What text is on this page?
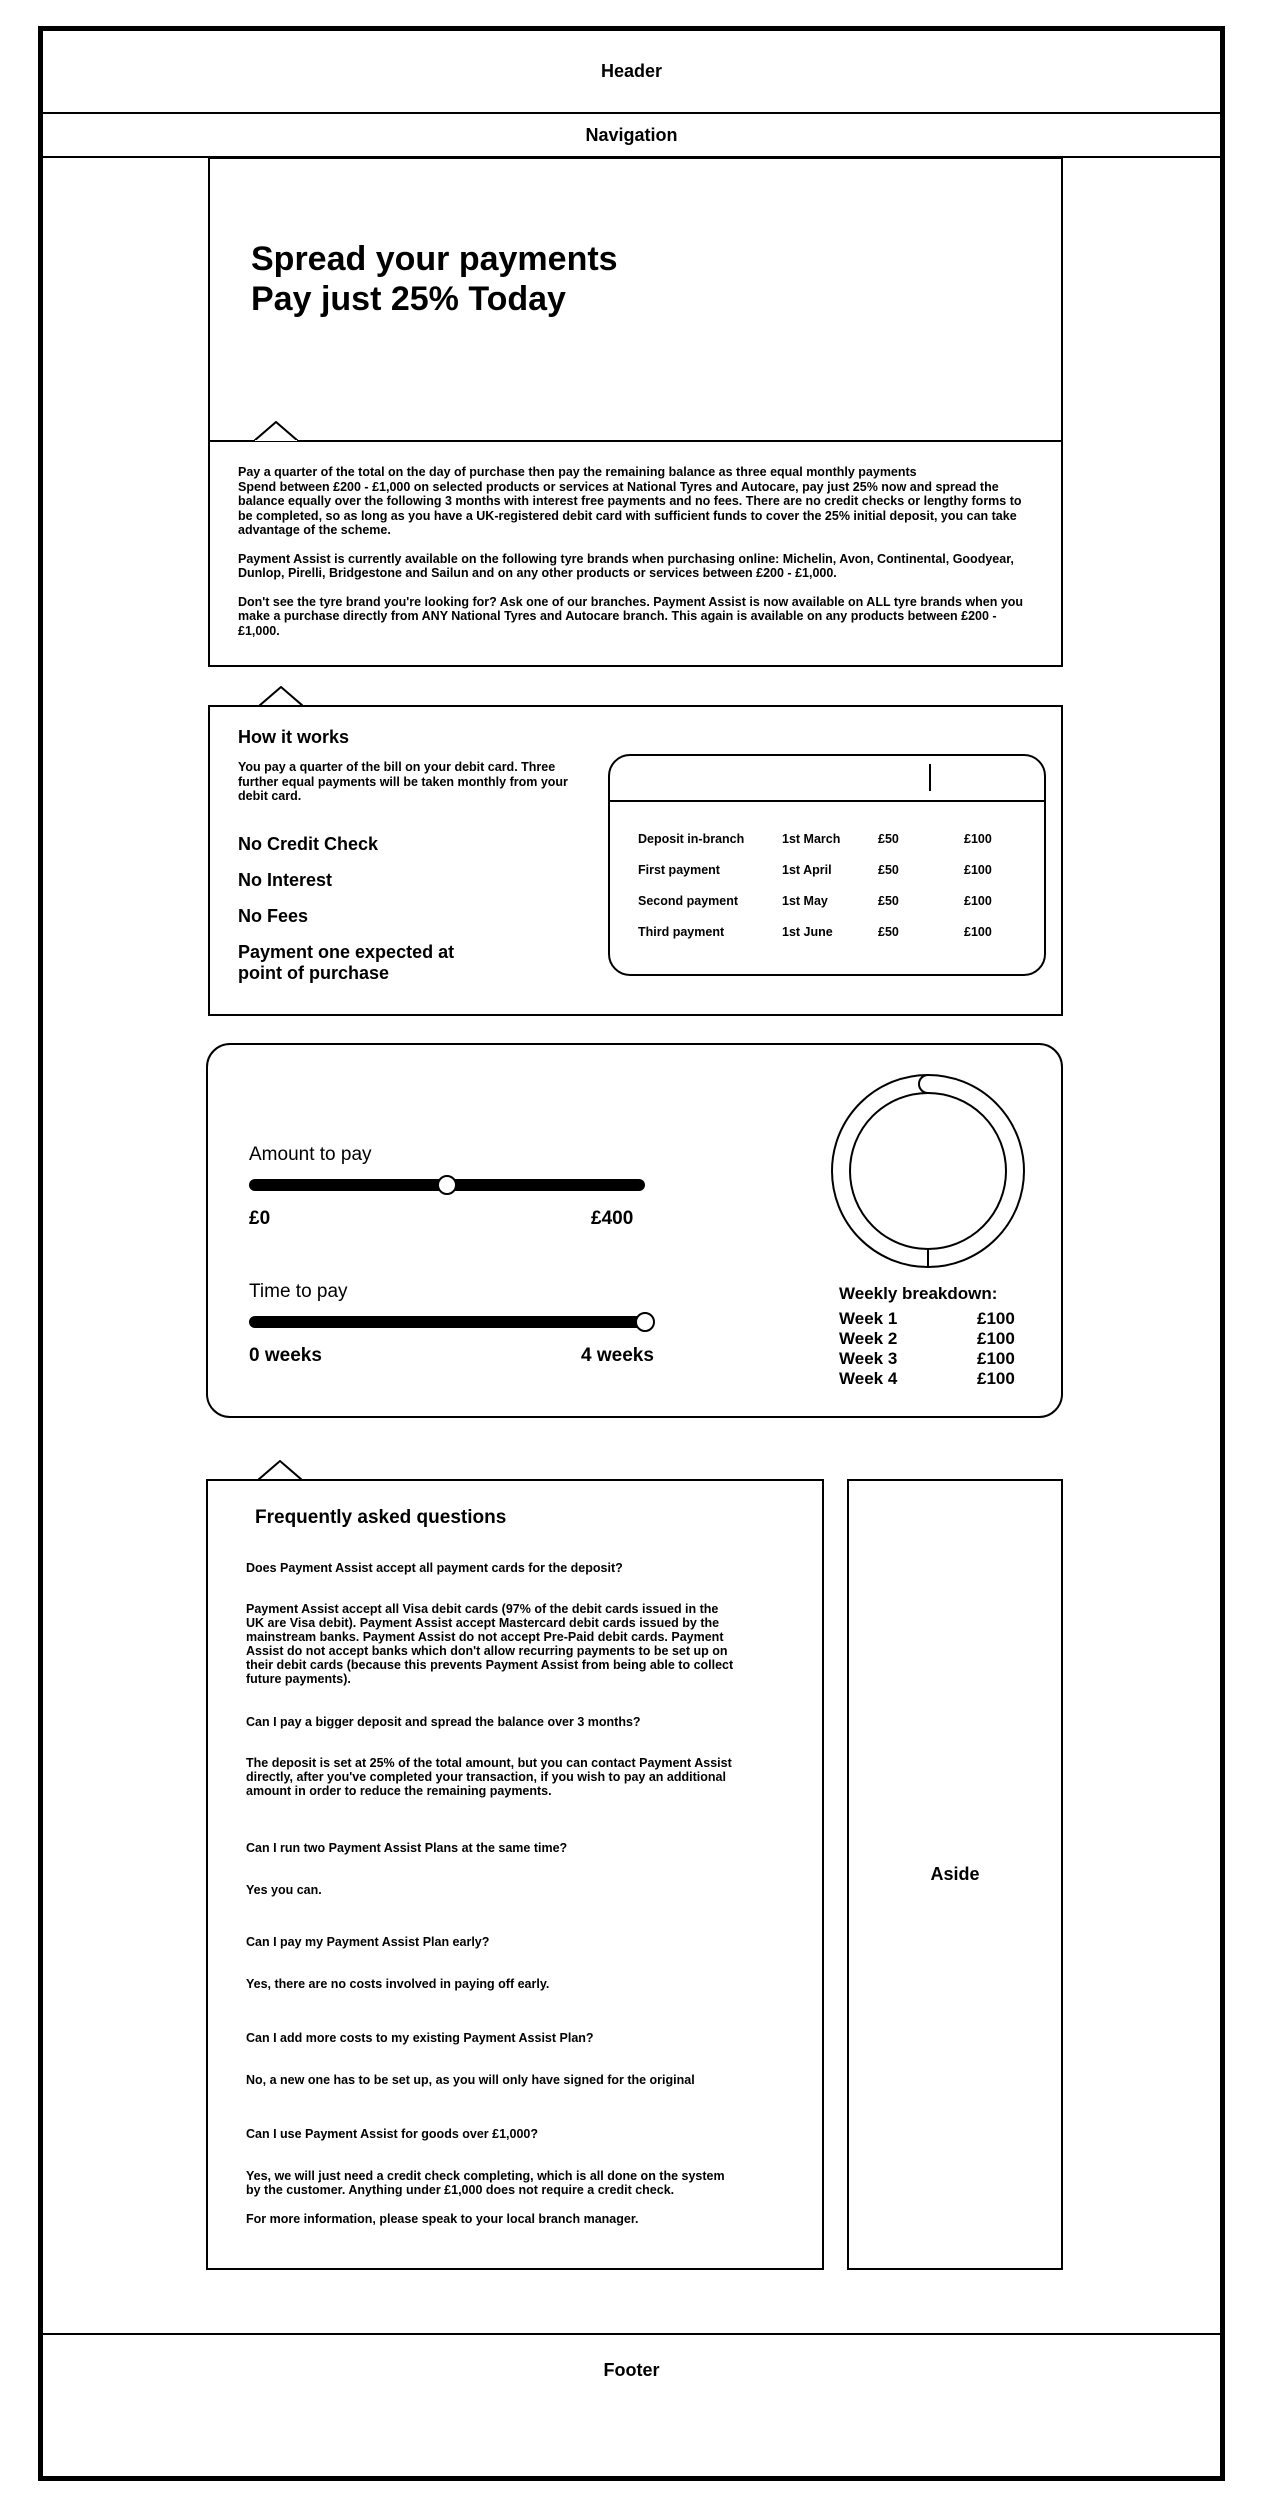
Header
Navigation
Spread your payments
Pay just 25% Today

Pay a quarter of the total on the day of purchase then pay the remaining balance as three equal monthly payments
Spend between £200 - £1,000 on selected products or services at National Tyres and Autocare, pay just 25% now and spread the balance equally over the following 3 months with interest free payments and no fees. There are no credit checks or lengthy forms to be completed, so as long as you have a UK-registered debit card with sufficient funds to cover the 25% initial deposit, you can take advantage of the scheme.

Payment Assist is currently available on the following tyre brands when purchasing online: Michelin, Avon, Continental, Goodyear, Dunlop, Pirelli, Bridgestone and Sailun and on any other products or services between £200 - £1,000.

Don't see the tyre brand you're looking for? Ask one of our branches. Payment Assist is now available on ALL tyre brands when you make a purchase directly from ANY National Tyres and Autocare branch. This again is available on any products between £200 - £1,000.

How it works
You pay a quarter of the bill on your debit card. Three further equal payments will be taken monthly from your debit card.
No Credit Check
No Interest
No Fees
Payment one expected at point of purchase
Deposit in-branch	1st March	£50	£100
First payment	1st April	£50	£100
Second payment	1st May	£50	£100
Third payment	1st June	£50	£100
Amount to pay
£0	£400
Time to pay
0 weeks	4 weeks
Weekly breakdown:
Week 1	£100
Week 2	£100
Week 3	£100
Week 4	£100
Frequently asked questions
Does Payment Assist accept all payment cards for the deposit?
Payment Assist accept all Visa debit cards (97% of the debit cards issued in the UK are Visa debit). Payment Assist accept Mastercard debit cards issued by the mainstream banks. Payment Assist do not accept Pre-Paid debit cards. Payment Assist do not accept banks which don't allow recurring payments to be set up on their debit cards (because this prevents Payment Assist from being able to collect future payments).
Can I pay a bigger deposit and spread the balance over 3 months?
The deposit is set at 25% of the total amount, but you can contact Payment Assist directly, after you've completed your transaction, if you wish to pay an additional amount in order to reduce the remaining payments.
Can I run two Payment Assist Plans at the same time?
Yes you can.
Can I pay my Payment Assist Plan early?
Yes, there are no costs involved in paying off early.
Can I add more costs to my existing Payment Assist Plan?
No, a new one has to be set up, as you will only have signed for the original
Can I use Payment Assist for goods over £1,000?
Yes, we will just need a credit check completing, which is all done on the system by the customer. Anything under £1,000 does not require a credit check.
For more information, please speak to your local branch manager.
Aside
Footer
